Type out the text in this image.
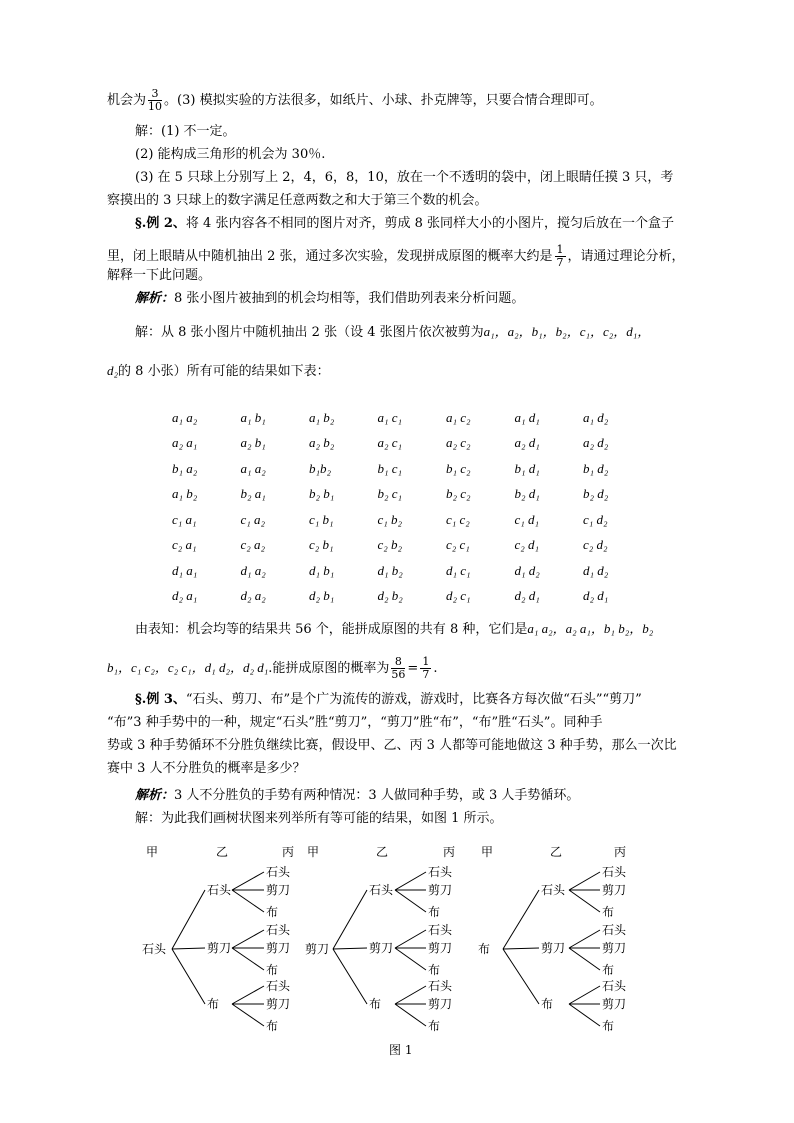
机会为 $\frac{3}{10}$ 。(3) 模拟实验的方法很多，如纸片、小球、扑克牌等，只要合情合理即可。
解：(1) 不一定。
(2) 能构成三角形的机会为 30％.
(3) 在 5 只球上分别写上 2，4，6，8，10，放在一个不透明的袋中，闭上眼睛任摸 3 只，考
察摸出的 3 只球上的数字满足任意两数之和大于第三个数的机会。
§.例 2、将 4 张内容各不相同的图片对齐，剪成 8 张同样大小的小图片，搅匀后放在一个盒子
里，闭上眼睛从中随机抽出 2 张，通过多次实验，发现拼成原图的概率大约是 $\frac{1}{7}$ ，请通过理论分析，
解释一下此问题。
解析：8 张小图片被抽到的机会均相等，我们借助列表来分析问题。
解：从 8 张小图片中随机抽出 2 张（设 4 张图片依次被剪为a₁，a₂，b₁，b₂，c₁，c₂，d₁，
d₂的 8 小张）所有可能的结果如下表：
a₁ a₂	a₁ b₁	a₁ b₂	a₁ c₁	a₁ c₂	a₁ d₁	a₁ d₂
a₂ a₁	a₂ b₁	a₂ b₂	a₂ c₁	a₂ c₂	a₂ d₁	a₂ d₂
b₁ a₂	a₁ a₂	b₁b₂	b₁ c₁	b₁ c₂	b₁ d₁	b₁ d₂
a₁ b₂	b₂ a₁	b₂ b₁	b₂ c₁	b₂ c₂	b₂ d₁	b₂ d₂
c₁ a₁	c₁ a₂	c₁ b₁	c₁ b₂	c₁ c₂	c₁ d₁	c₁ d₂
c₂ a₁	c₂ a₂	c₂ b₁	c₂ b₂	c₂ c₁	c₂ d₁	c₂ d₂
d₁ a₁	d₁ a₂	d₁ b₁	d₁ b₂	d₁ c₁	d₁ d₂	d₁ d₂
d₂ a₁	d₂ a₂	d₂ b₁	d₂ b₂	d₂ c₁	d₂ d₁	d₂ d₁
由表知：机会均等的结果共 56 个，能拼成原图的共有 8 种，它们是a₁ a₂，a₂ a₁，b₁ b₂，b₂
b₁，c₁ c₂，c₂ c₁，d₁ d₂，d₂ d₁.能拼成原图的概率为 $\frac{8}{56} = \frac{1}{7}$ .
§.例 3、“石头、剪刀、布”是个广为流传的游戏，游戏时，比赛各方每次做“石头”“剪刀”
“布”3 种手势中的一种，规定“石头”胜“剪刀”，“剪刀”胜“布”，“布”胜“石头”。同种手
势或 3 种手势循环不分胜负继续比赛，假设甲、乙、丙 3 人都等可能地做这 3 种手势，那么一次比
赛中 3 人不分胜负的概率是多少？
解析：3 人不分胜负的手势有两种情况：3 人做同种手势，或 3 人手势循环。
解：为此我们画树状图来列举所有等可能的结果，如图 1 所示。
甲	乙	丙
石头
石头
石头
剪刀
布
剪刀
石头
剪刀
布
布
石头
剪刀
布
甲	乙	丙
剪刀
石头
石头
剪刀
布
剪刀
石头
剪刀
布
布
石头
剪刀
布
甲	乙	丙
布
石头
石头
剪刀
布
剪刀
石头
剪刀
布
布
石头
剪刀
布
图 1
